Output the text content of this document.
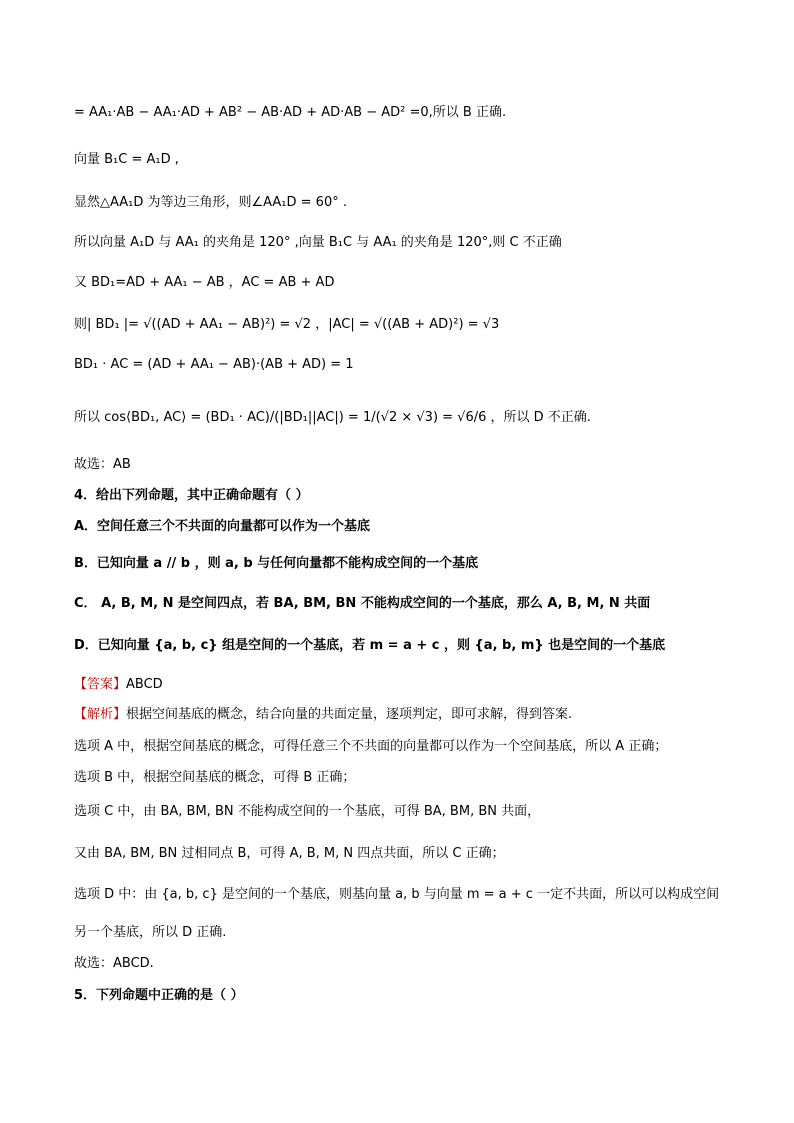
= AA₁·AB − AA₁·AD + AB² − AB·AD + AD·AB − AD² =0,所以 B 正确.
向量 B₁C = A₁D ,
显然△AA₁D 为等边三角形，则∠AA₁D = 60° .
所以向量 A₁D 与 AA₁ 的夹角是 120° ,向量 B₁C 与 AA₁ 的夹角是 120°,则 C 不正确
又 BD₁=AD + AA₁ − AB ，AC = AB + AD
则| BD₁ |= √((AD + AA₁ − AB)²) = √2 ，|AC| = √((AB + AD)²) = √3
BD₁ · AC = (AD + AA₁ − AB)·(AB + AD) = 1
所以 cos⟨BD₁, AC⟩ = (BD₁ · AC)/(|BD₁||AC|) = 1/(√2 × √3) = √6/6 ，所以 D 不正确.
故选：AB
4．给出下列命题，其中正确命题有（ ）
A．空间任意三个不共面的向量都可以作为一个基底
B．已知向量 a // b ，则 a, b 与任何向量都不能构成空间的一个基底
C． A, B, M, N 是空间四点，若 BA, BM, BN 不能构成空间的一个基底，那么 A, B, M, N 共面
D．已知向量 {a, b, c} 组是空间的一个基底，若 m = a + c ，则 {a, b, m} 也是空间的一个基底
【答案】ABCD
【解析】根据空间基底的概念，结合向量的共面定量，逐项判定，即可求解，得到答案.
选项 A 中，根据空间基底的概念，可得任意三个不共面的向量都可以作为一个空间基底，所以 A 正确；
选项 B 中，根据空间基底的概念，可得 B 正确；
选项 C 中，由 BA, BM, BN 不能构成空间的一个基底，可得 BA, BM, BN 共面，
又由 BA, BM, BN 过相同点 B，可得 A, B, M, N 四点共面，所以 C 正确；
选项 D 中：由 {a, b, c} 是空间的一个基底，则基向量 a, b 与向量 m = a + c 一定不共面，所以可以构成空间
另一个基底，所以 D 正确.
故选：ABCD.
5．下列命题中正确的是（ ）
